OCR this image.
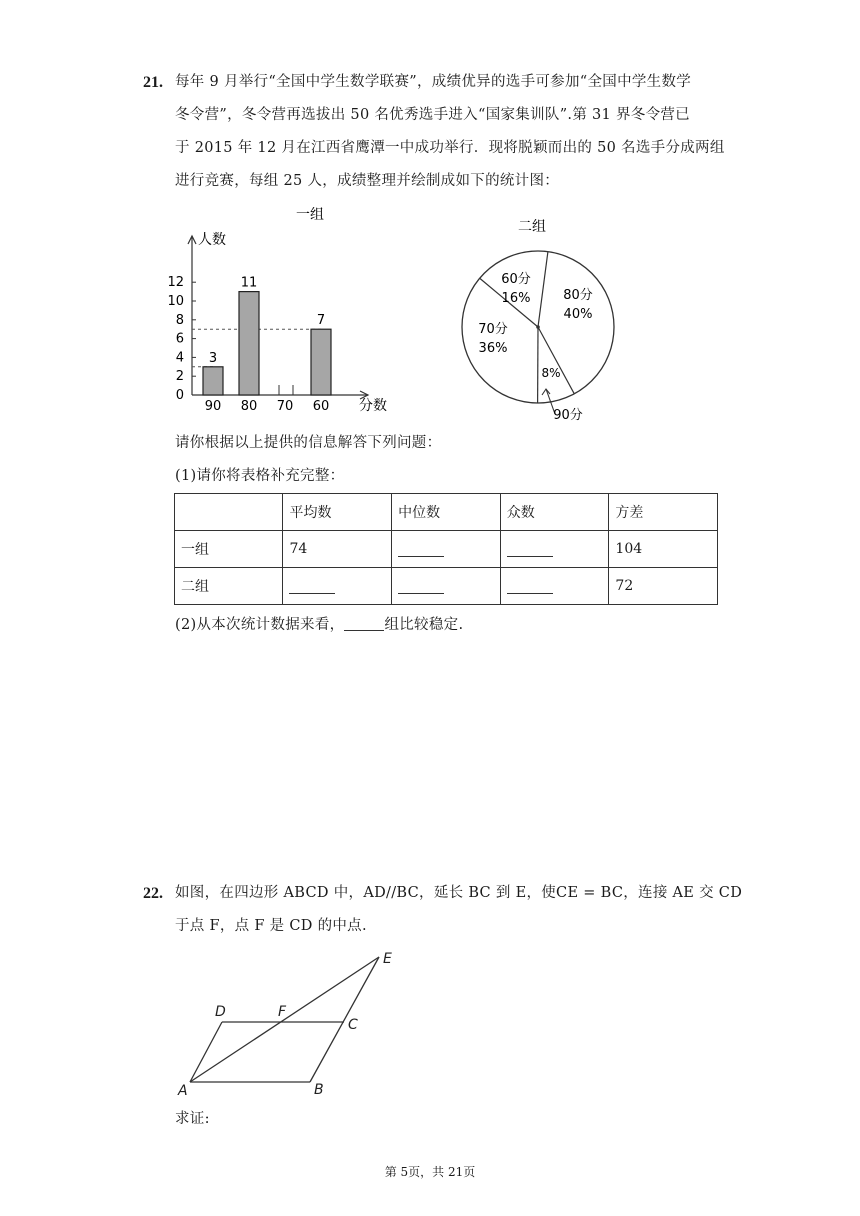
21. 每年 9 月举行“全国中学生数学联赛”，成绩优异的选手可参加“全国中学生数学
冬令营”，冬令营再选拔出 50 名优秀选手进入“国家集训队”.第 31 界冬令营已
于 2015 年 12 月在江西省鹰潭一中成功举行．现将脱颖而出的 50 名选手分成两组
进行竞赛，每组 25 人，成绩整理并绘制成如下的统计图：
一组
人数
分数
0
2
4
6
8
10
12
90 80 70 60
3
11
7
二组
80分
40%
8%
90分
70分
36%
60分
16%
请你根据以上提供的信息解答下列问题：
(1)请你将表格补充完整：
	平均数	中位数	众数	方差
一组	74			104
二组				72
(2)从本次统计数据来看，	组比较稳定.
22. 如图，在四边形 ABCD 中，AD//BC，延长 BC 到 E，使CE = BC，连接 AE 交 CD
于点 F，点 F 是 CD 的中点.
A	B
C
D
E
F
求证:
第 5页，共 21页
